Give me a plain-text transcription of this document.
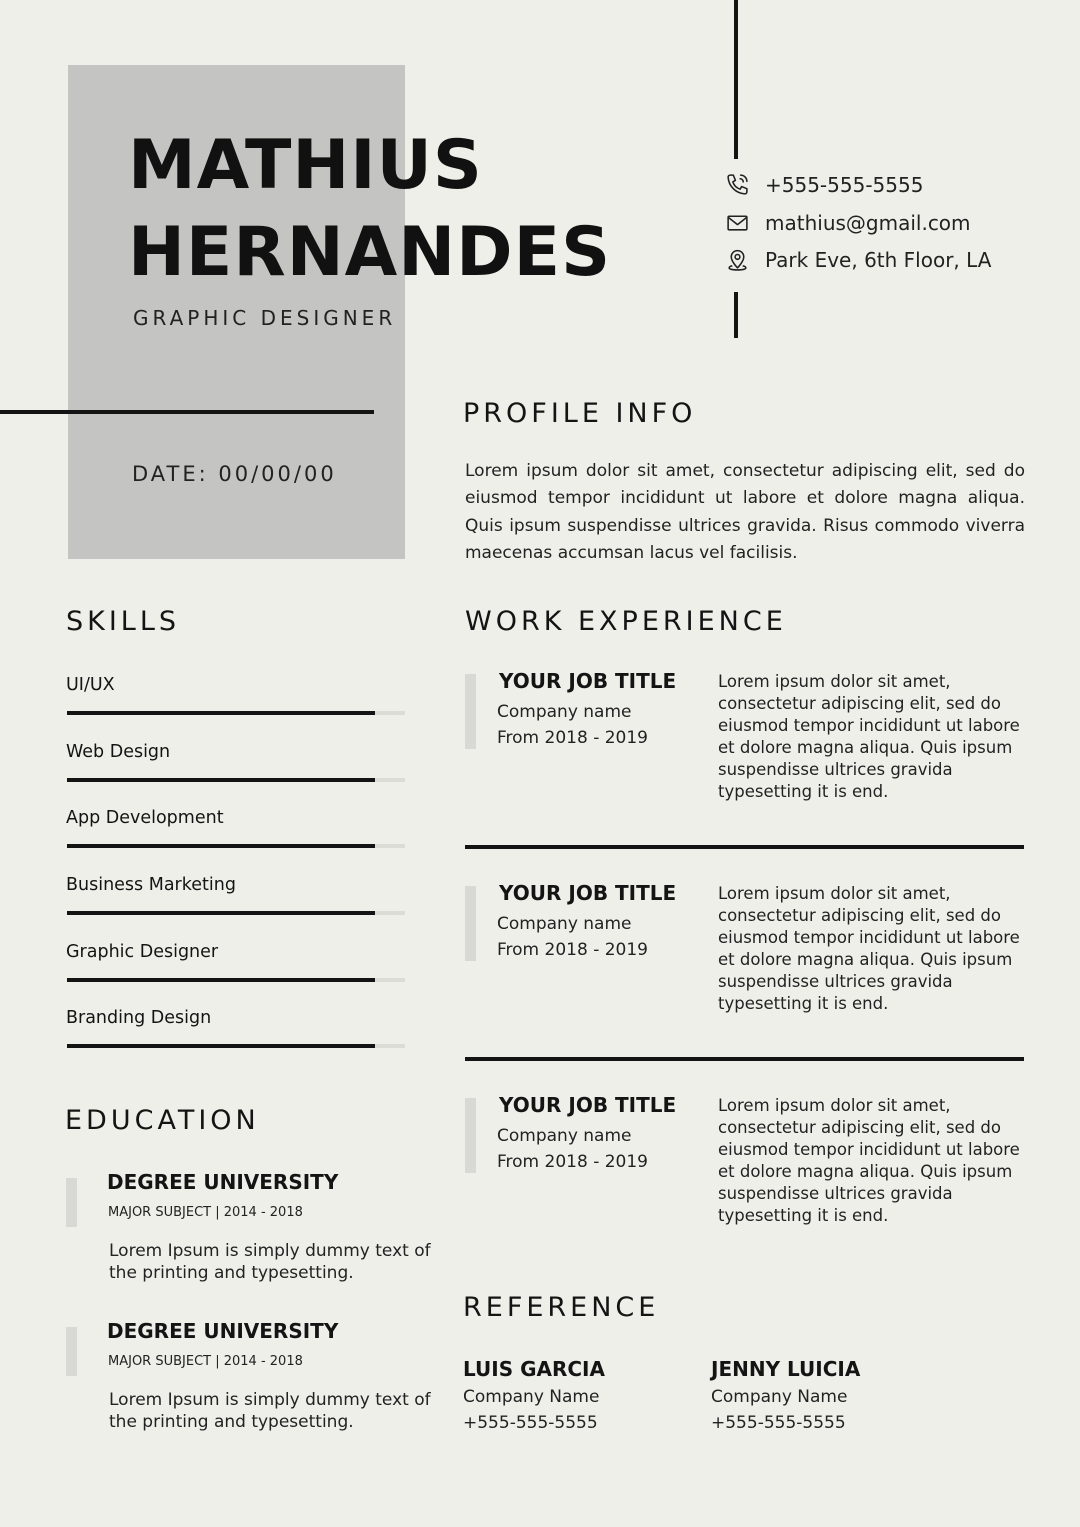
MATHIUS
HERNANDES
GRAPHIC DESIGNER
DATE: 00/00/00
+555-555-5555
mathius@gmail.com
Park Eve, 6th Floor, LA
PROFILE INFO
Lorem ipsum dolor sit amet, consectetur adipiscing elit, sed do eiusmod tempor incididunt ut labore et dolore magna aliqua. Quis ipsum suspendisse ultrices gravida. Risus commodo viverra maecenas accumsan lacus vel facilisis.
SKILLS
UI/UX
Web Design
App Development
Business Marketing
Graphic Designer
Branding Design
EDUCATION
DEGREE UNIVERSITY
MAJOR SUBJECT | 2014 - 2018
Lorem Ipsum is simply dummy text of the printing and typesetting.
DEGREE UNIVERSITY
MAJOR SUBJECT | 2014 - 2018
Lorem Ipsum is simply dummy text of the printing and typesetting.
WORK EXPERIENCE
YOUR JOB TITLE
Company name
From 2018 - 2019
Lorem ipsum dolor sit amet, consectetur adipiscing elit, sed do eiusmod tempor incididunt ut labore et dolore magna aliqua. Quis ipsum suspendisse ultrices gravida typesetting it is end.
YOUR JOB TITLE
Company name
From 2018 - 2019
Lorem ipsum dolor sit amet, consectetur adipiscing elit, sed do eiusmod tempor incididunt ut labore et dolore magna aliqua. Quis ipsum suspendisse ultrices gravida typesetting it is end.
YOUR JOB TITLE
Company name
From 2018 - 2019
Lorem ipsum dolor sit amet, consectetur adipiscing elit, sed do eiusmod tempor incididunt ut labore et dolore magna aliqua. Quis ipsum suspendisse ultrices gravida typesetting it is end.
REFERENCE
LUIS GARCIA
Company Name
+555-555-5555
JENNY LUICIA
Company Name
+555-555-5555
